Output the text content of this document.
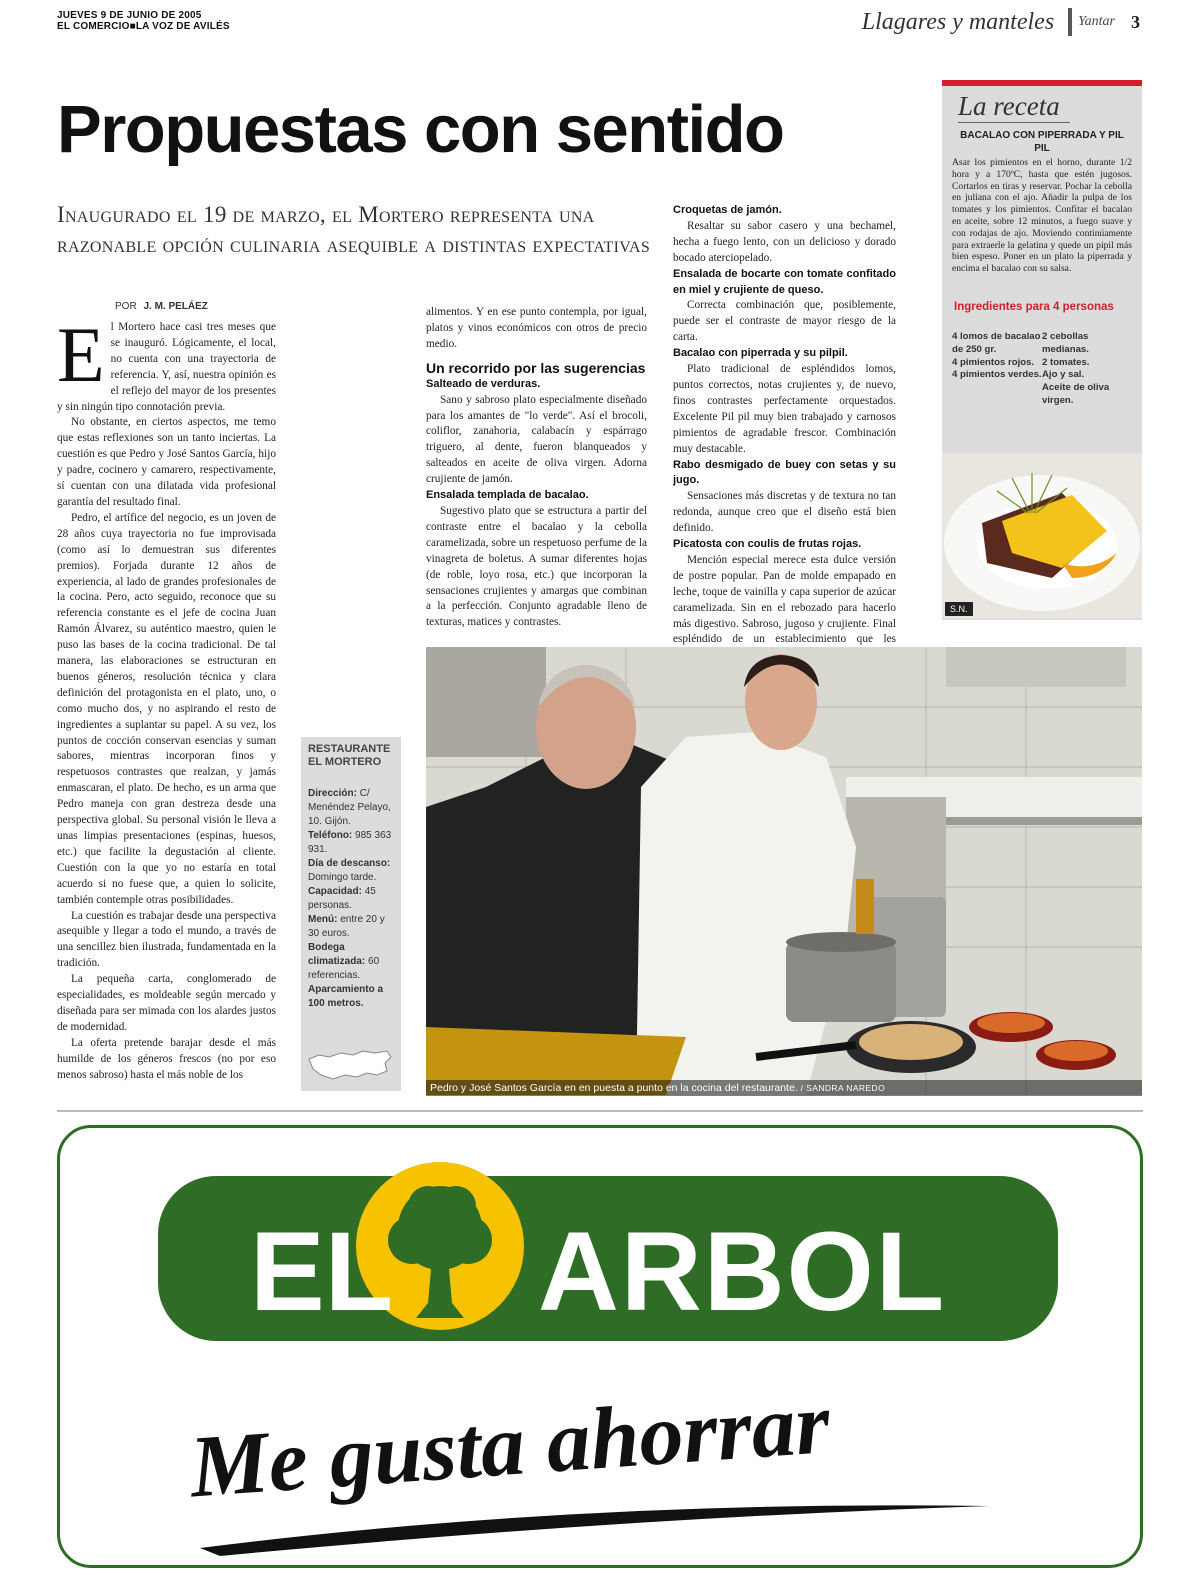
JUEVES 9 DE JUNIO DE 2005
EL COMERCIO■LA VOZ DE AVILÉS	Llagares y manteles Yantar 3
Propuestas con sentido
Inaugurado el 19 de marzo, el Mortero representa una razonable opción culinaria asequible a distintas expectativas
POR J. M. PELÁEZ
E l Mortero hace casi tres meses que se inauguró. Lógicamente, el local, no cuenta con una trayectoria de referencia. Y, así, nuestra opinión es el reflejo del mayor de los presentes y sin ningún tipo connotación previa.

No obstante, en ciertos aspectos, me temo que estas reflexiones son un tanto inciertas. La cuestión es que Pedro y José Santos García, hijo y padre, cocinero y camarero, respectivamente, sí cuentan con una dilatada vida profesional garantía del resultado final.

Pedro, el artífice del negocio, es un joven de 28 años cuya trayectoria no fue improvisada (como así lo demuestran sus diferentes premios). Forjada durante 12 años de experiencia, al lado de grandes profesionales de la cocina. Pero, acto seguido, reconoce que su referencia constante es el jefe de cocina Juan Ramón Álvarez, su auténtico maestro, quien le puso las bases de la cocina tradicional. De tal manera, las elaboraciones se estructuran en buenos géneros, resolución técnica y clara definición del protagonista en el plato, uno, o como mucho dos, y no aspirando el resto de ingredientes a suplantar su papel. A su vez, los puntos de cocción conservan esencias y suman sabores, mientras incorporan finos y respetuosos contrastes que realzan, y jamás enmascaran, el plato. De hecho, es un arma que Pedro maneja con gran destreza desde una perspectiva global. Su personal visión le lleva a unas limpias presentaciones (espinas, huesos, etc.) que facilite la degustación al cliente. Cuestión con la que yo no estaría en total acuerdo si no fuese que, a quien lo solicite, también contemple otras posibilidades.

La cuestión es trabajar desde una perspectiva asequible y llegar a todo el mundo, a través de una sencillez bien ilustrada, fundamentada en la tradición.

La pequeña carta, conglomerado de especialidades, es moldeable según mercado y diseñada para ser mimada con los alardes justos de modernidad.

La oferta pretende barajar desde el más humilde de los géneros frescos (no por eso menos sabroso) hasta el más noble de los

RESTAURANTE EL MORTERO
Dirección: C/ Menéndez Pelayo, 10. Gijón.
Teléfono: 985 363 931.
Día de descanso: Domingo tarde.
Capacidad: 45 personas.
Menú: entre 20 y 30 euros.
Bodega climatizada: 60 referencias.
Aparcamiento a 100 metros.

alimentos. Y en ese punto contempla, por igual, platos y vinos económicos con otros de precio medio.

Un recorrido por las sugerencias
Salteado de verduras.

Sano y sabroso plato especialmente diseñado para los amantes de "lo verde". Así el brocoli, coliflor, zanahoria, calabacín y espárrago triguero, al dente, fueron blanqueados y salteados en aceite de oliva virgen. Adorna crujiente de jamón.

Ensalada templada de bacalao.

Sugestivo plato que se estructura a partir del contraste entre el bacalao y la cebolla caramelizada, sobre un respetuoso perfume de la vinagreta de boletus. A sumar diferentes hojas (de roble, loyo rosa, etc.) que incorporan la sensaciones crujientes y amargas que combinan a la perfección. Conjunto agradable lleno de texturas, matices y contrastes.

Croquetas de jamón.

Resaltar su sabor casero y una bechamel, hecha a fuego lento, con un delicioso y dorado bocado aterciopelado.

Ensalada de bocarte con tomate confitado en miel y crujiente de queso.

Correcta combinación que, posiblemente, puede ser el contraste de mayor riesgo de la carta.

Bacalao con piperrada y su pilpil.

Plato tradicional de espléndidos lomos, puntos correctos, notas crujientes y, de nuevo, finos contrastes perfectamente orquestados. Excelente Pil pil muy bien trabajado y carnosos pimientos de agradable frescor. Combinación muy destacable.

Rabo desmigado de buey con setas y su jugo.

Sensaciones más discretas y de textura no tan redonda, aunque creo que el diseño está bien definido.

Picatosta con coulis de frutas rojas.

Mención especial merece esta dulce versión de postre popular. Pan de molde empapado en leche, toque de vainilla y capa superior de azúcar caramelizada. Sin en el rebozado para hacerlo más digestivo. Sabroso, jugoso y crujiente. Final espléndido de un establecimiento que les

La receta
BACALAO CON PIPERRADA Y PIL PIL
Asar los pimientos en el horno, durante 1/2 hora y a 170ºC, hasta que estén jugosos. Cortarlos en tiras y reservar. Pochar la cebolla en juliana con el ajo. Añadir la pulpa de los tomates y los pimientos. Confitar el bacalao en aceite, sobre 12 minutos, a fuego suave y con rodajas de ajo. Moviendo continúamente para extraerle la gelatina y quede un pipil más bien espeso. Poner en un plato la piperrada y encima el bacalao con su salsa.
Ingredientes para 4 personas
4 lomos de bacalao de 250 gr.
4 pimientos rojos.
4 pimientos verdes.
2 cebollas medianas.
2 tomates.
Ajo y sal.
Aceite de oliva virgen.
S.N.
Pedro y José Santos García en en puesta a punto en la cocina del restaurante. / SANDRA NAREDO
EL ARBOL
Me gusta ahorrar
